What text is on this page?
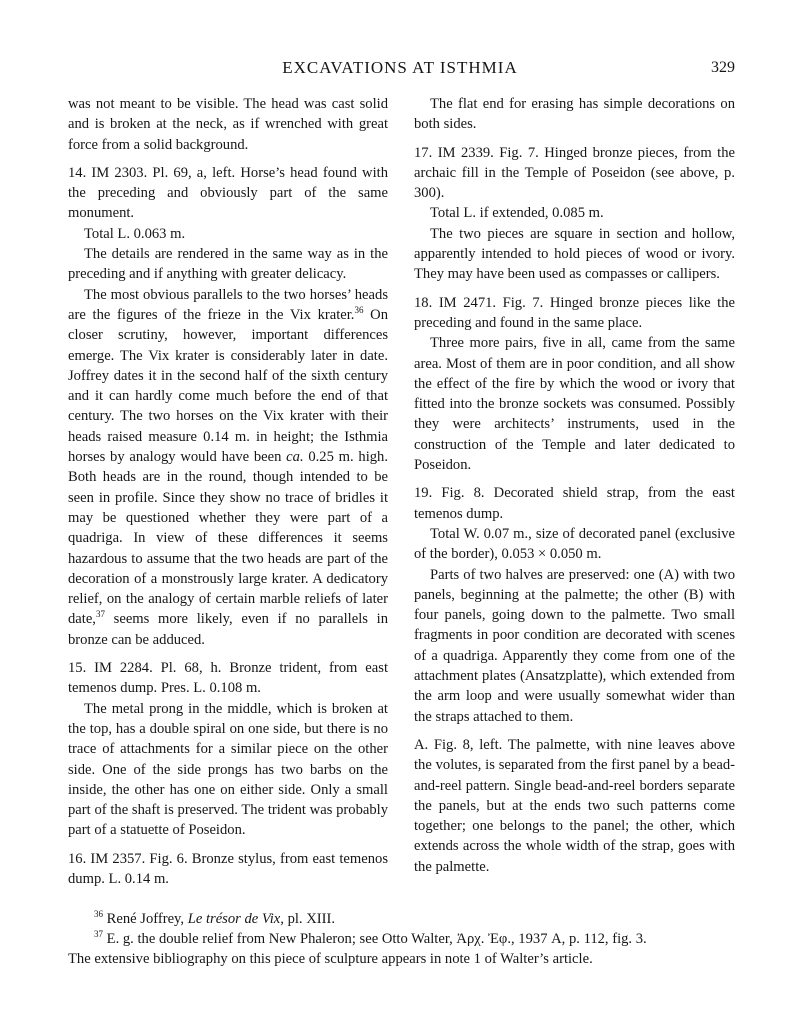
EXCAVATIONS AT ISTHMIA	329

was not meant to be visible. The head was cast solid and is broken at the neck, as if wrenched with great force from a solid background.

14. IM 2303. Pl. 69, a, left. Horse’s head found with the preceding and obviously part of the same monument.

Total L. 0.063 m.

The details are rendered in the same way as in the preceding and if anything with greater delicacy.

The most obvious parallels to the two horses’ heads are the figures of the frieze in the Vix krater.$^{36}$ On closer scrutiny, however, important differences emerge. The Vix krater is considerably later in date. Joffrey dates it in the second half of the sixth century and it can hardly come much before the end of that century. The two horses on the Vix krater with their heads raised measure 0.14 m. in height; the Isthmia horses by analogy would have been ca. 0.25 m. high. Both heads are in the round, though intended to be seen in profile. Since they show no trace of bridles it may be questioned whether they were part of a quadriga. In view of these differences it seems hazardous to assume that the two heads are part of the decoration of a monstrously large krater. A dedicatory relief, on the analogy of certain marble reliefs of later date,$^{37}$ seems more likely, even if no parallels in bronze can be adduced.

15. IM 2284. Pl. 68, h. Bronze trident, from east temenos dump. Pres. L. 0.108 m.

The metal prong in the middle, which is broken at the top, has a double spiral on one side, but there is no trace of attachments for a similar piece on the other side. One of the side prongs has two barbs on the inside, the other has one on either side. Only a small part of the shaft is preserved. The trident was probably part of a statuette of Poseidon.

16. IM 2357. Fig. 6. Bronze stylus, from east temenos dump. L. 0.14 m.

The flat end for erasing has simple decorations on both sides.

17. IM 2339. Fig. 7. Hinged bronze pieces, from the archaic fill in the Temple of Poseidon (see above, p. 300).

Total L. if extended, 0.085 m.

The two pieces are square in section and hollow, apparently intended to hold pieces of wood or ivory. They may have been used as compasses or callipers.

18. IM 2471. Fig. 7. Hinged bronze pieces like the preceding and found in the same place.

Three more pairs, five in all, came from the same area. Most of them are in poor condition, and all show the effect of the fire by which the wood or ivory that fitted into the bronze sockets was consumed. Possibly they were architects’ instruments, used in the construction of the Temple and later dedicated to Poseidon.

19. Fig. 8. Decorated shield strap, from the east temenos dump.

Total W. 0.07 m., size of decorated panel (exclusive of the border), 0.053 × 0.050 m.

Parts of two halves are preserved: one (A) with two panels, beginning at the palmette; the other (B) with four panels, going down to the palmette. Two small fragments in poor condition are decorated with scenes of a quadriga. Apparently they come from one of the attachment plates (Ansatzplatte), which extended from the arm loop and were usually somewhat wider than the straps attached to them.

A. Fig. 8, left. The palmette, with nine leaves above the volutes, is separated from the first panel by a bead-and-reel pattern. Single bead-and-reel borders separate the panels, but at the ends two such patterns come together; one belongs to the panel; the other, which extends across the whole width of the strap, goes with the palmette.

$^{36}$ René Joffrey, Le trésor de Vix, pl. XIII.

$^{37}$ E. g. the double relief from New Phaleron; see Otto Walter, Ἀρχ. Ἐφ., 1937 A, p. 112, fig. 3.

The extensive bibliography on this piece of sculpture appears in note 1 of Walter’s article.
